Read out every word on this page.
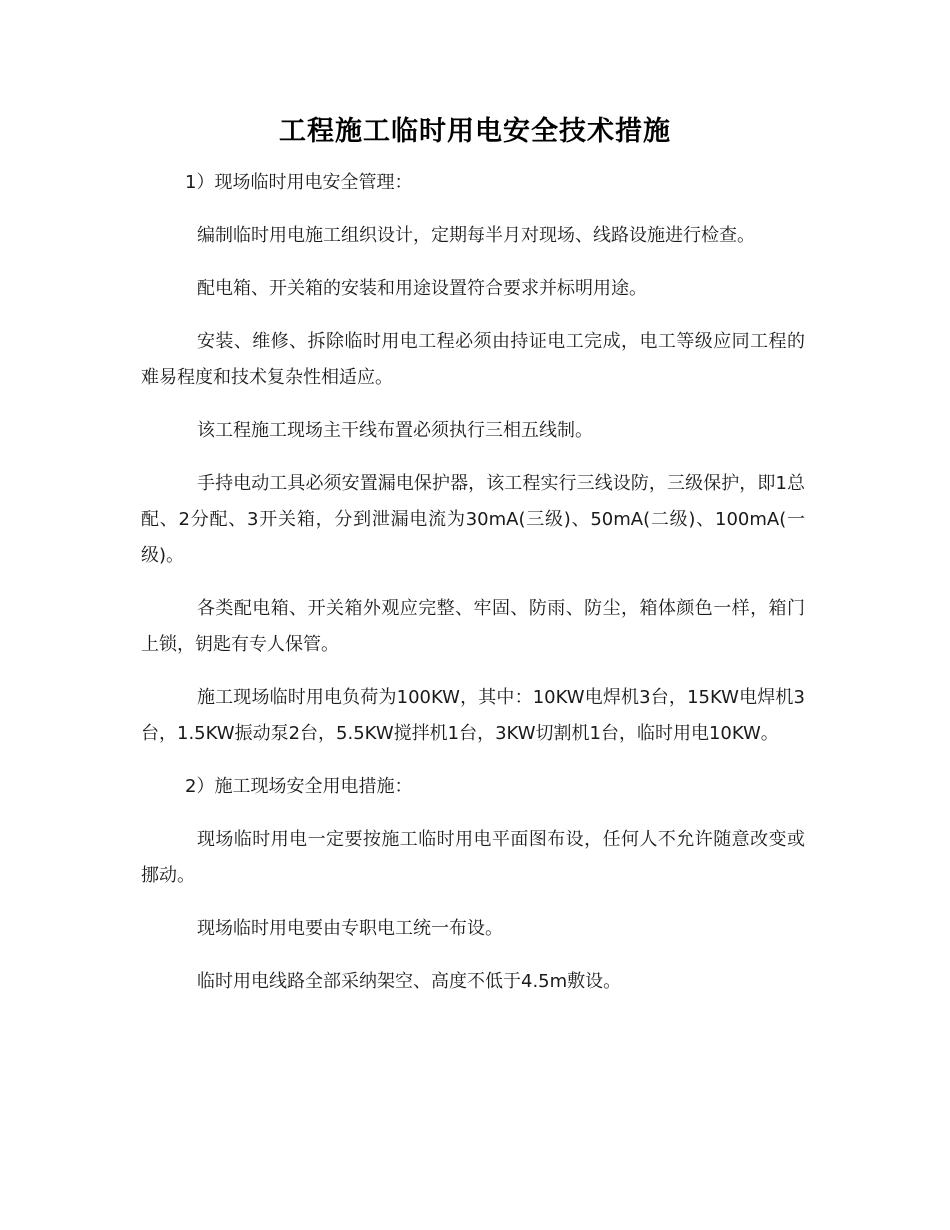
工程施工临时用电安全技术措施

1）现场临时用电安全管理：

编制临时用电施工组织设计，定期每半月对现场、线路设施进行检查。

配电箱、开关箱的安装和用途设置符合要求并标明用途。

安装、维修、拆除临时用电工程必须由持证电工完成，电工等级应同工程的难易程度和技术复杂性相适应。

该工程施工现场主干线布置必须执行三相五线制。

手持电动工具必须安置漏电保护器，该工程实行三线设防，三级保护，即1总配、2分配、3开关箱，分到泄漏电流为30mA(三级)、50mA(二级)、100mA(一级)。

各类配电箱、开关箱外观应完整、牢固、防雨、防尘，箱体颜色一样，箱门上锁，钥匙有专人保管。

施工现场临时用电负荷为100KW，其中：10KW电焊机3台，15KW电焊机3台，1.5KW振动泵2台，5.5KW搅拌机1台，3KW切割机1台，临时用电10KW。

2）施工现场安全用电措施：

现场临时用电一定要按施工临时用电平面图布设，任何人不允许随意改变或挪动。

现场临时用电要由专职电工统一布设。

临时用电线路全部采纳架空、高度不低于4.5m敷设。
